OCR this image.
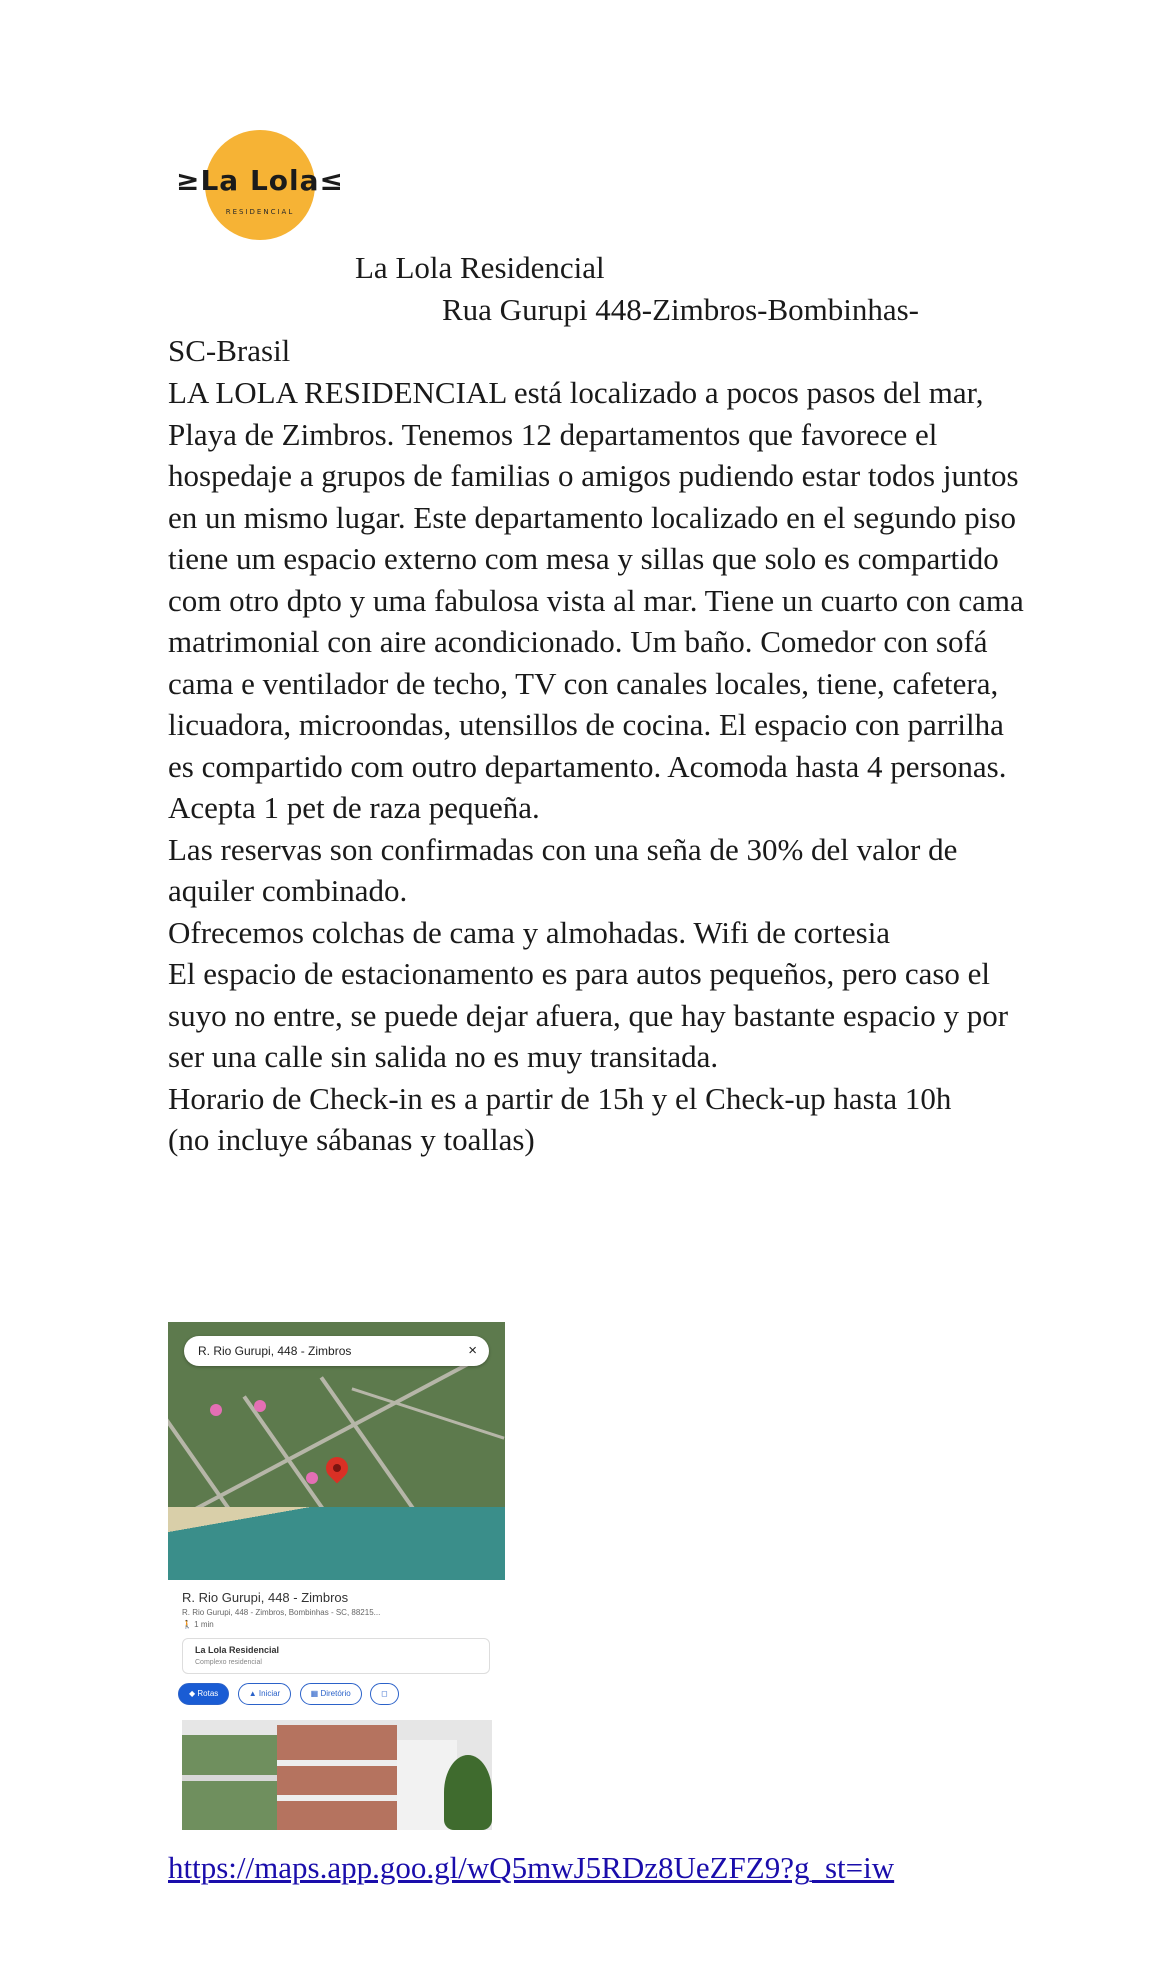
≥La Lola≤
RESIDENCIAL
La Lola Residencial
Rua Gurupi 448-Zimbros-Bombinhas-
SC-Brasil

LA LOLA RESIDENCIAL está localizado a pocos pasos del mar, Playa de Zimbros. Tenemos 12 departamentos que favorece el hospedaje a grupos de familias o amigos pudiendo estar todos juntos en un mismo lugar. Este departamento localizado en el segundo piso tiene um espacio externo com mesa y sillas que solo es compartido com otro dpto y uma fabulosa vista al mar. Tiene un cuarto con cama matrimonial con aire acondicionado. Um baño. Comedor con sofá cama e ventilador de techo, TV con canales locales, tiene, cafetera, licuadora, microondas, utensillos de cocina. El espacio con parrilha es compartido com outro departamento. Acomoda hasta 4 personas. Acepta 1 pet de raza pequeña.

Las reservas son confirmadas con una seña de 30% del valor de aquiler combinado.

Ofrecemos colchas de cama y almohadas. Wifi de cortesia

El espacio de estacionamento es para autos pequeños, pero caso el suyo no entre, se puede dejar afuera, que hay bastante espacio y por ser una calle sin salida no es muy transitada.

Horario de Check-in es a partir de 15h y el Check-up hasta 10h

(no incluye sábanas y toallas)

R. Rio Gurupi, 448 - Zimbros	×
R. Rio Gurupi, 448 - Zimbros
R. Rio Gurupi, 448 - Zimbros, Bombinhas - SC, 88215...
🚶 1 min
La Lola Residencial
Complexo residencial
◆ Rotas	▲ Iniciar	▦ Diretório	◻
https://maps.app.goo.gl/wQ5mwJ5RDz8UeZFZ9?g_st=iw
